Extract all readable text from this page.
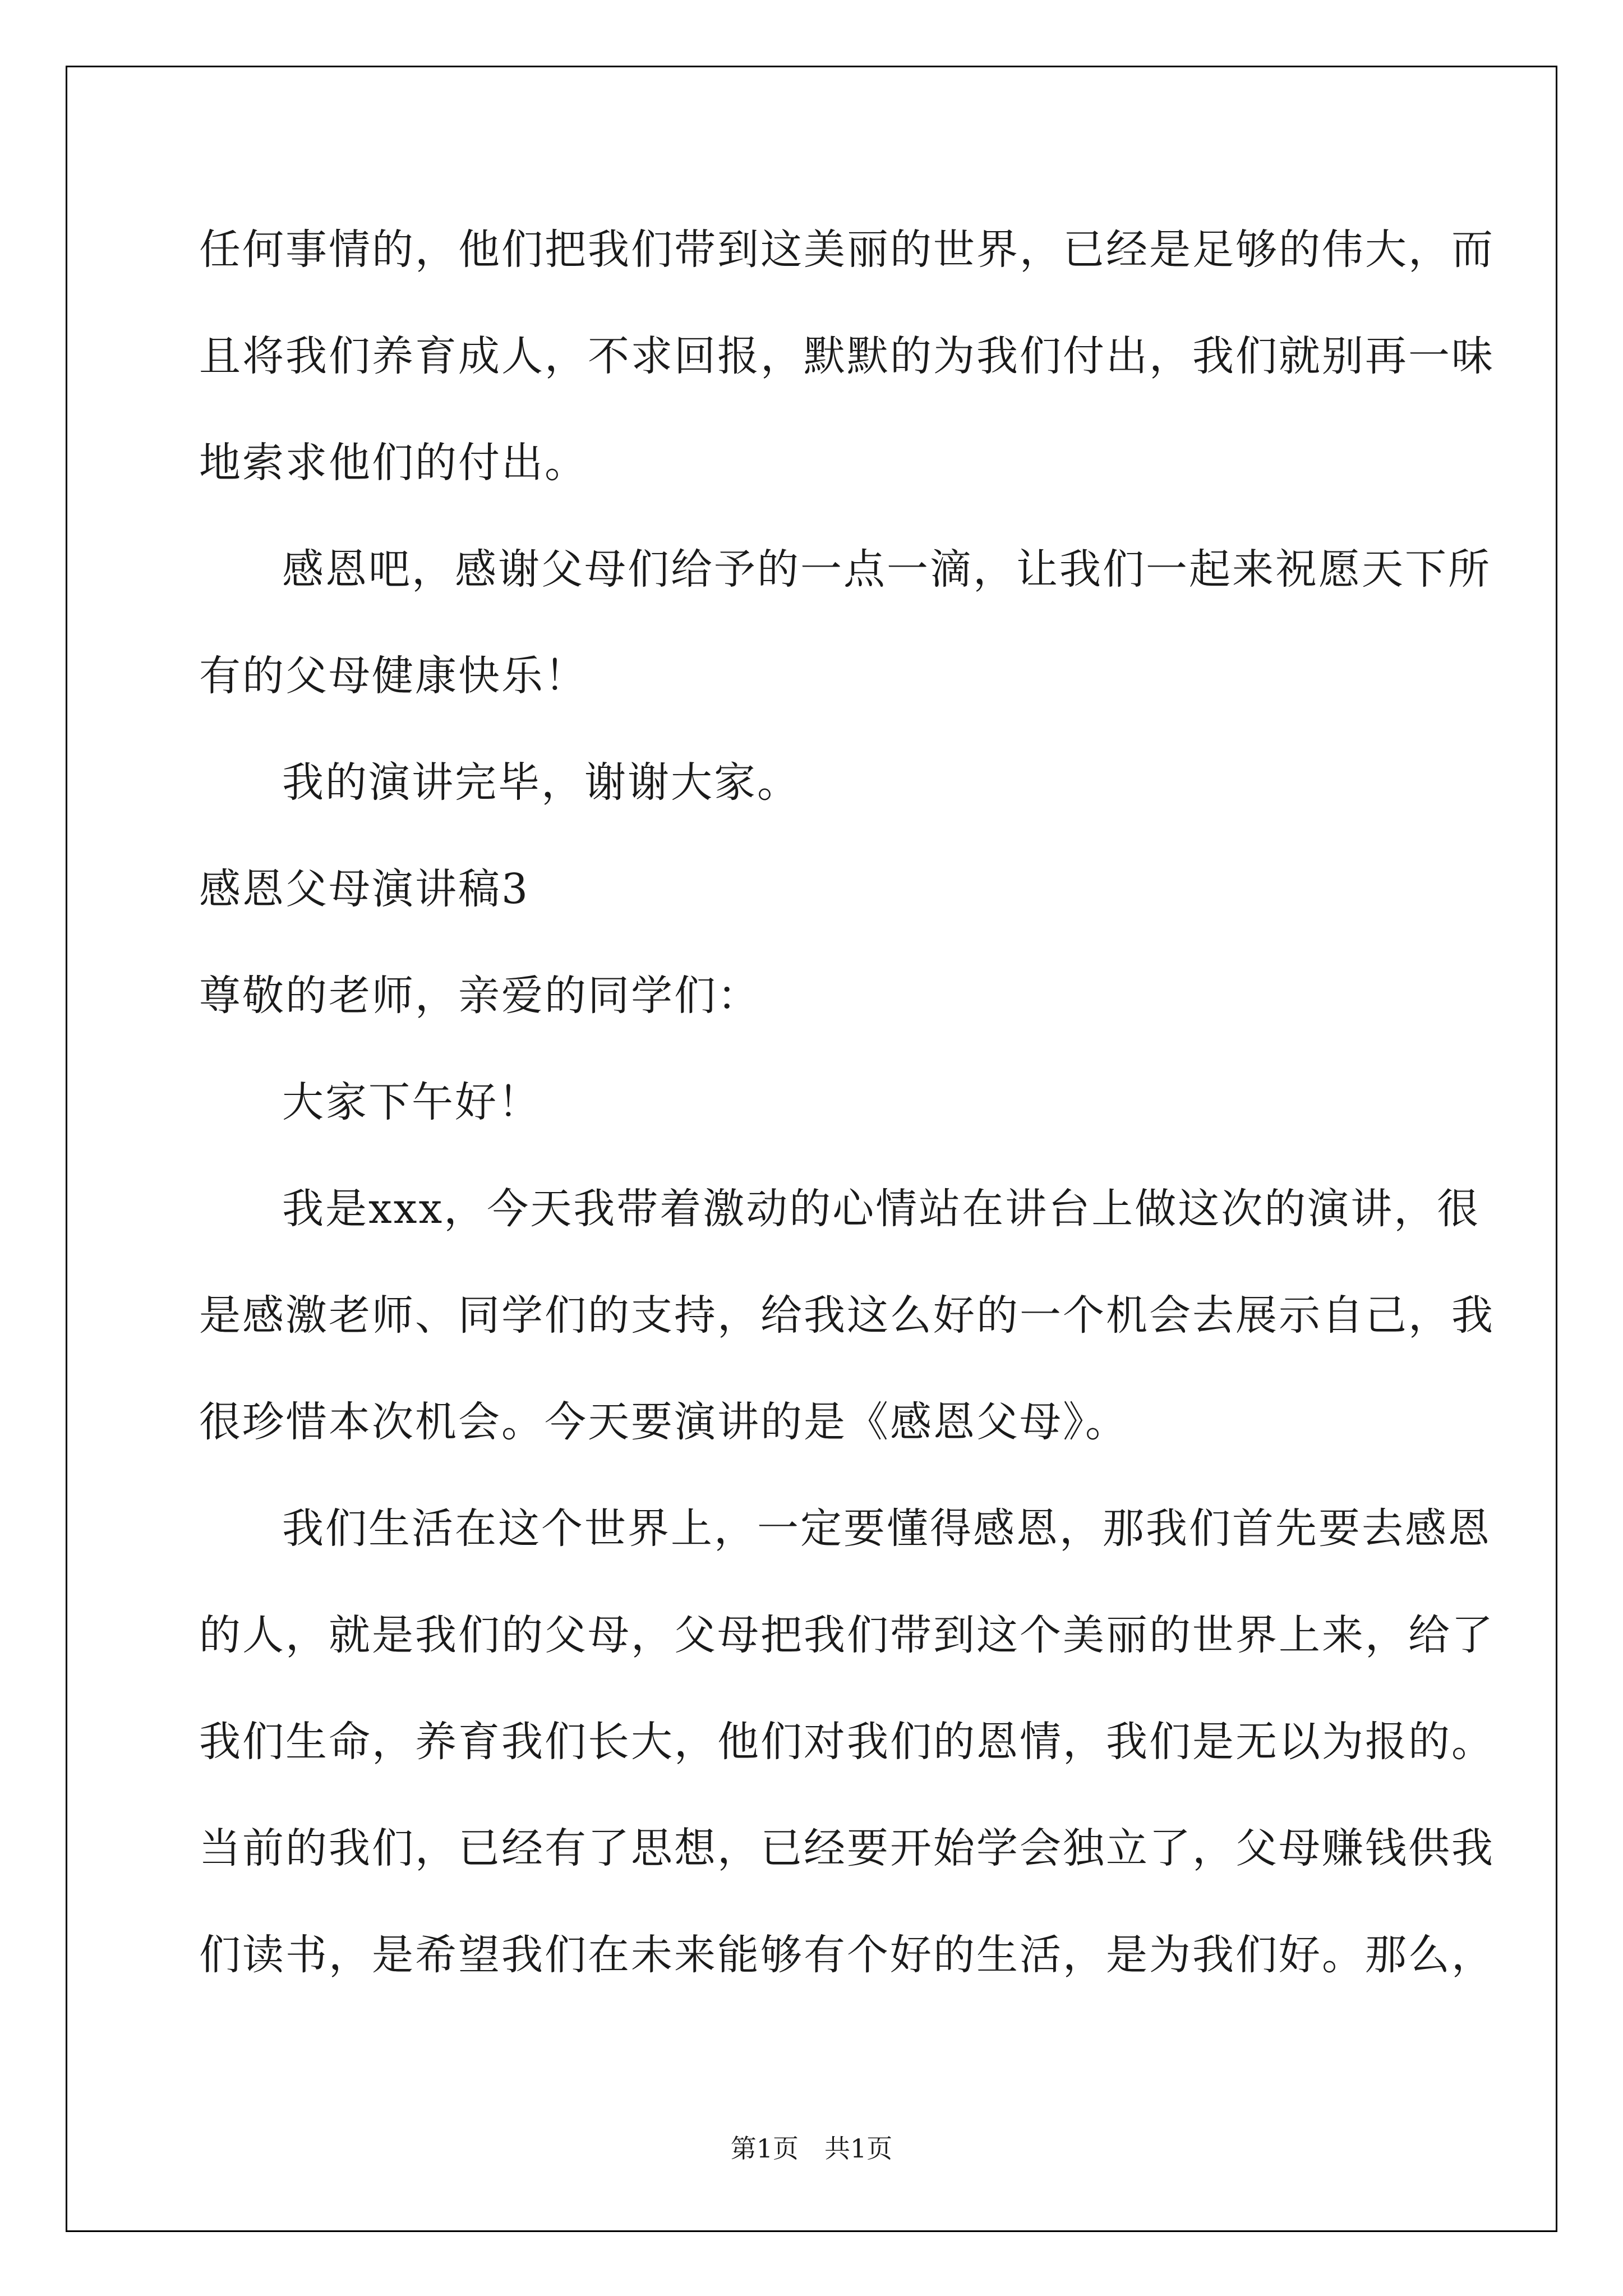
任何事情的，他们把我们带到这美丽的世界，已经是足够的伟大，而
且将我们养育成人，不求回报，默默的为我们付出，我们就别再一味
地索求他们的付出。
感恩吧，感谢父母们给予的一点一滴，让我们一起来祝愿天下所
有的父母健康快乐！
我的演讲完毕，谢谢大家。
感恩父母演讲稿3
尊敬的老师，亲爱的同学们：
大家下午好！
我是xxx，今天我带着激动的心情站在讲台上做这次的演讲，很
是感激老师、同学们的支持，给我这么好的一个机会去展示自己，我
很珍惜本次机会。今天要演讲的是《感恩父母》。
我们生活在这个世界上，一定要懂得感恩，那我们首先要去感恩
的人，就是我们的父母，父母把我们带到这个美丽的世界上来，给了
我们生命，养育我们长大，他们对我们的恩情，我们是无以为报的。
当前的我们，已经有了思想，已经要开始学会独立了，父母赚钱供我
们读书，是希望我们在未来能够有个好的生活，是为我们好。那么，
第1页　共1页
